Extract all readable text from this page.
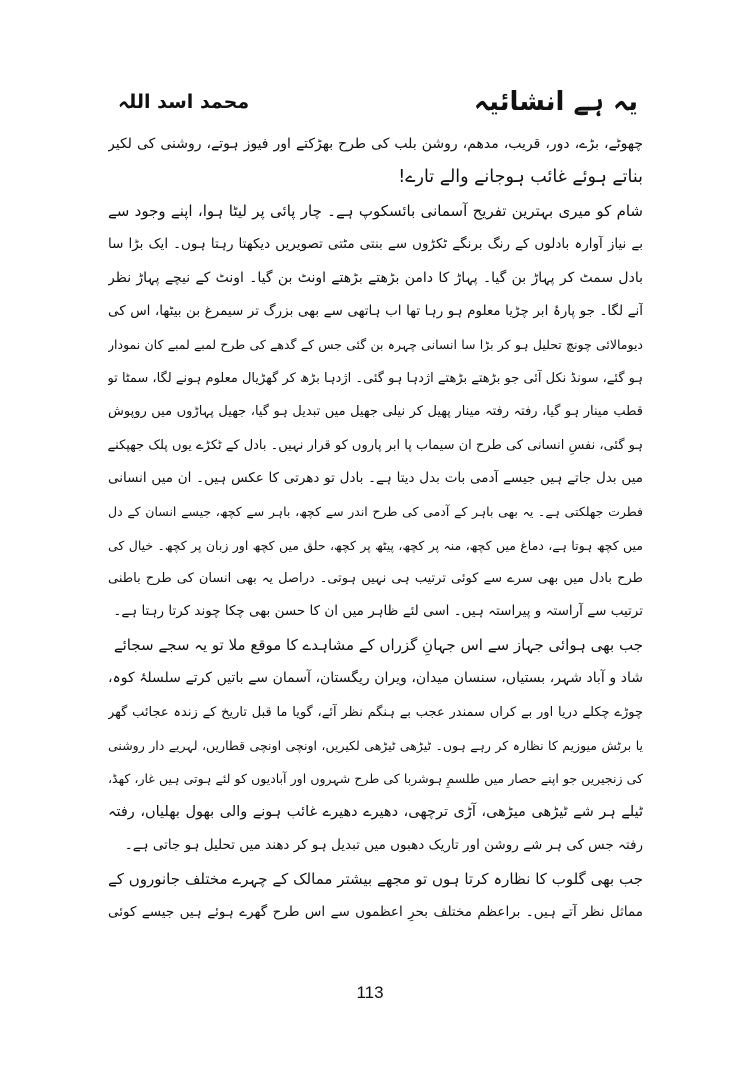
یہ ہے انشائیہ
محمد اسد اللہ
چھوٹے، بڑے، دور، قریب، مدھم، روشن بلب کی طرح بھڑکتے اور فیوز ہوتے، روشنی کی لکیر
بناتے ہوئے غائب ہوجانے والے تارے!
شام کو میری بہترین تفریح آسمانی بائسکوپ ہے۔ چار پائی پر لیٹا ہوا، اپنے وجود سے
بے نیاز آوارہ بادلوں کے رنگ برنگے ٹکڑوں سے بنتی مٹتی تصویریں دیکھتا رہتا ہوں۔ ایک بڑا سا
بادل سمٹ کر پہاڑ بن گیا۔ پہاڑ کا دامن بڑھتے بڑھتے اونٹ بن گیا۔ اونٹ کے نیچے پہاڑ نظر
آنے لگا۔ جو پارۂ ابر چڑیا معلوم ہو رہا تھا اب ہاتھی سے بھی بزرگ تر سیمرغ بن بیٹھا، اس کی
دیومالائی چونچ تحلیل ہو کر بڑا سا انسانی چہرہ بن گئی جس کے گدھے کی طرح لمبے لمبے کان نمودار
ہو گئے، سونڈ نکل آئی جو بڑھتے بڑھتے اژدہا ہو گئی۔ اژدہا بڑھ کر گھڑیال معلوم ہونے لگا، سمٹا تو
قطب مینار ہو گیا، رفتہ رفتہ مینار پھیل کر نیلی جھیل میں تبدیل ہو گیا، جھیل پہاڑوں میں روپوش
ہو گئی، نفسِ انسانی کی طرح ان سیماب پا ابر پاروں کو قرار نہیں۔ بادل کے ٹکڑے یوں پلک جھپکنے
میں بدل جاتے ہیں جیسے آدمی بات بدل دیتا ہے۔ بادل تو دھرتی کا عکس ہیں۔ ان میں انسانی
فطرت جھلکتی ہے۔ یہ بھی باہر کے آدمی کی طرح اندر سے کچھ، باہر سے کچھ، جیسے انسان کے دل
میں کچھ ہوتا ہے، دماغ میں کچھ، منہ پر کچھ، پیٹھ پر کچھ، حلق میں کچھ اور زبان پر کچھ۔ خیال کی
طرح بادل میں بھی سرے سے کوئی ترتیب ہی نہیں ہوتی۔ دراصل یہ بھی انسان کی طرح باطنی
ترتیب سے آراستہ و پیراستہ ہیں۔ اسی لئے ظاہر میں ان کا حسن بھی چکا چوند کرتا رہتا ہے۔
جب بھی ہوائی جہاز سے اس جہانِ گزراں کے مشاہدے کا موقع ملا تو یہ سجے سجائے
شاد و آباد شہر، بستیاں، سنسان میدان، ویران ریگستان، آسمان سے باتیں کرتے سلسلۂ کوہ،
چوڑے چکلے دریا اور بے کراں سمندر عجب بے ہنگم نظر آئے، گویا ما قبل تاریخ کے زندہ عجائب گھر
یا برٹش میوزیم کا نظارہ کر رہے ہوں۔ ٹیڑھی ٹیڑھی لکیریں، اونچی اونچی قطاریں، لہریے دار روشنی
کی زنجیریں جو اپنے حصار میں طلسمِ ہوشربا کی طرح شہروں اور آبادیوں کو لئے ہوتی ہیں غار، کھڈ،
ٹیلے ہر شے ٹیڑھی میڑھی، آڑی ترچھی، دھیرے دھیرے غائب ہونے والی بھول بھلیاں، رفتہ
رفتہ جس کی ہر شے روشن اور تاریک دھبوں میں تبدیل ہو کر دھند میں تحلیل ہو جاتی ہے۔
جب بھی گلوب کا نظارہ کرتا ہوں تو مجھے بیشتر ممالک کے چہرے مختلف جانوروں کے
مماثل نظر آتے ہیں۔ براعظم مختلف بحرِ اعظموں سے اس طرح گھرے ہوئے ہیں جیسے کوئی
113
